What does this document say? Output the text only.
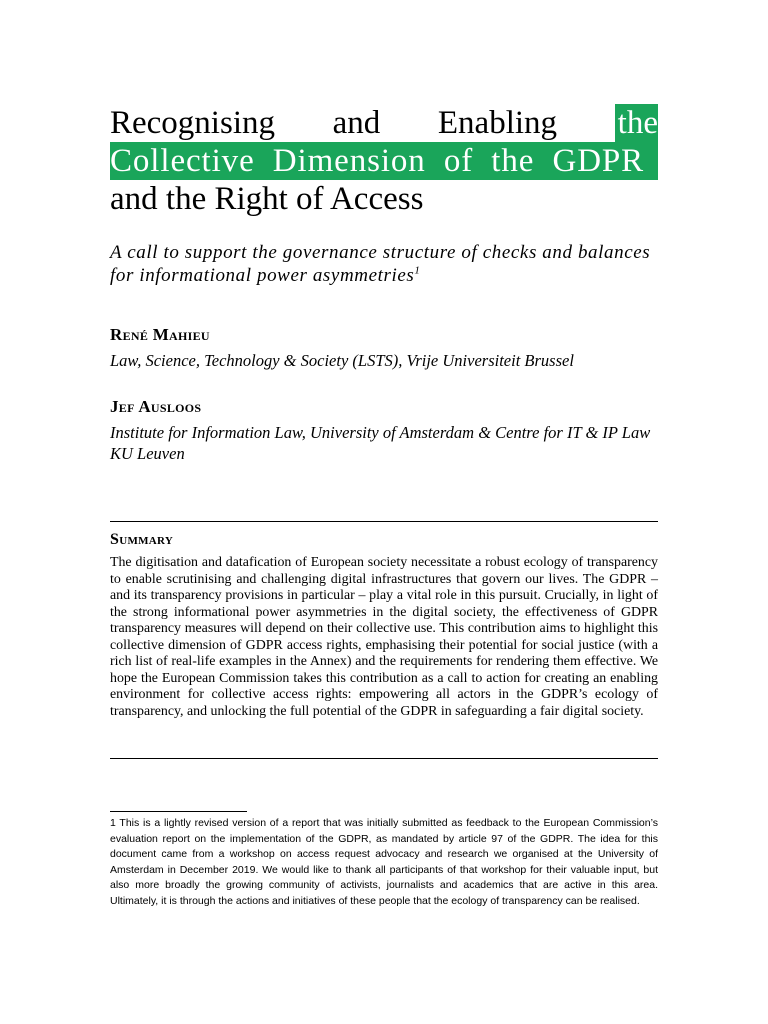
Recognising and Enabling the
Collective Dimension of the GDPR
and the Right of Access

A call to support the governance structure of checks and balances for informational power asymmetries$^1$

René Mahieu
Law, Science, Technology & Society (LSTS), Vrije Universiteit Brussel
Jef Ausloos
Institute for Information Law, University of Amsterdam & Centre for IT & IP Law KU Leuven
Summary

The digitisation and datafication of European society necessitate a robust ecology of transparency to enable scrutinising and challenging digital infrastructures that govern our lives. The GDPR – and its transparency provisions in particular – play a vital role in this pursuit. Crucially, in light of the strong informational power asymmetries in the digital society, the effectiveness of GDPR transparency measures will depend on their collective use. This contribution aims to highlight this collective dimension of GDPR access rights, emphasising their potential for social justice (with a rich list of real-life examples in the Annex) and the requirements for rendering them effective. We hope the European Commission takes this contribution as a call to action for creating an enabling environment for collective access rights: empowering all actors in the GDPR’s ecology of transparency, and unlocking the full potential of the GDPR in safeguarding a fair digital society.

1 This is a lightly revised version of a report that was initially submitted as feedback to the European Commission’s evaluation report on the implementation of the GDPR, as mandated by article 97 of the GDPR. The idea for this document came from a workshop on access request advocacy and research we organised at the University of Amsterdam in December 2019. We would like to thank all participants of that workshop for their valuable input, but also more broadly the growing community of activists, journalists and academics that are active in this area. Ultimately, it is through the actions and initiatives of these people that the ecology of transparency can be realised.
